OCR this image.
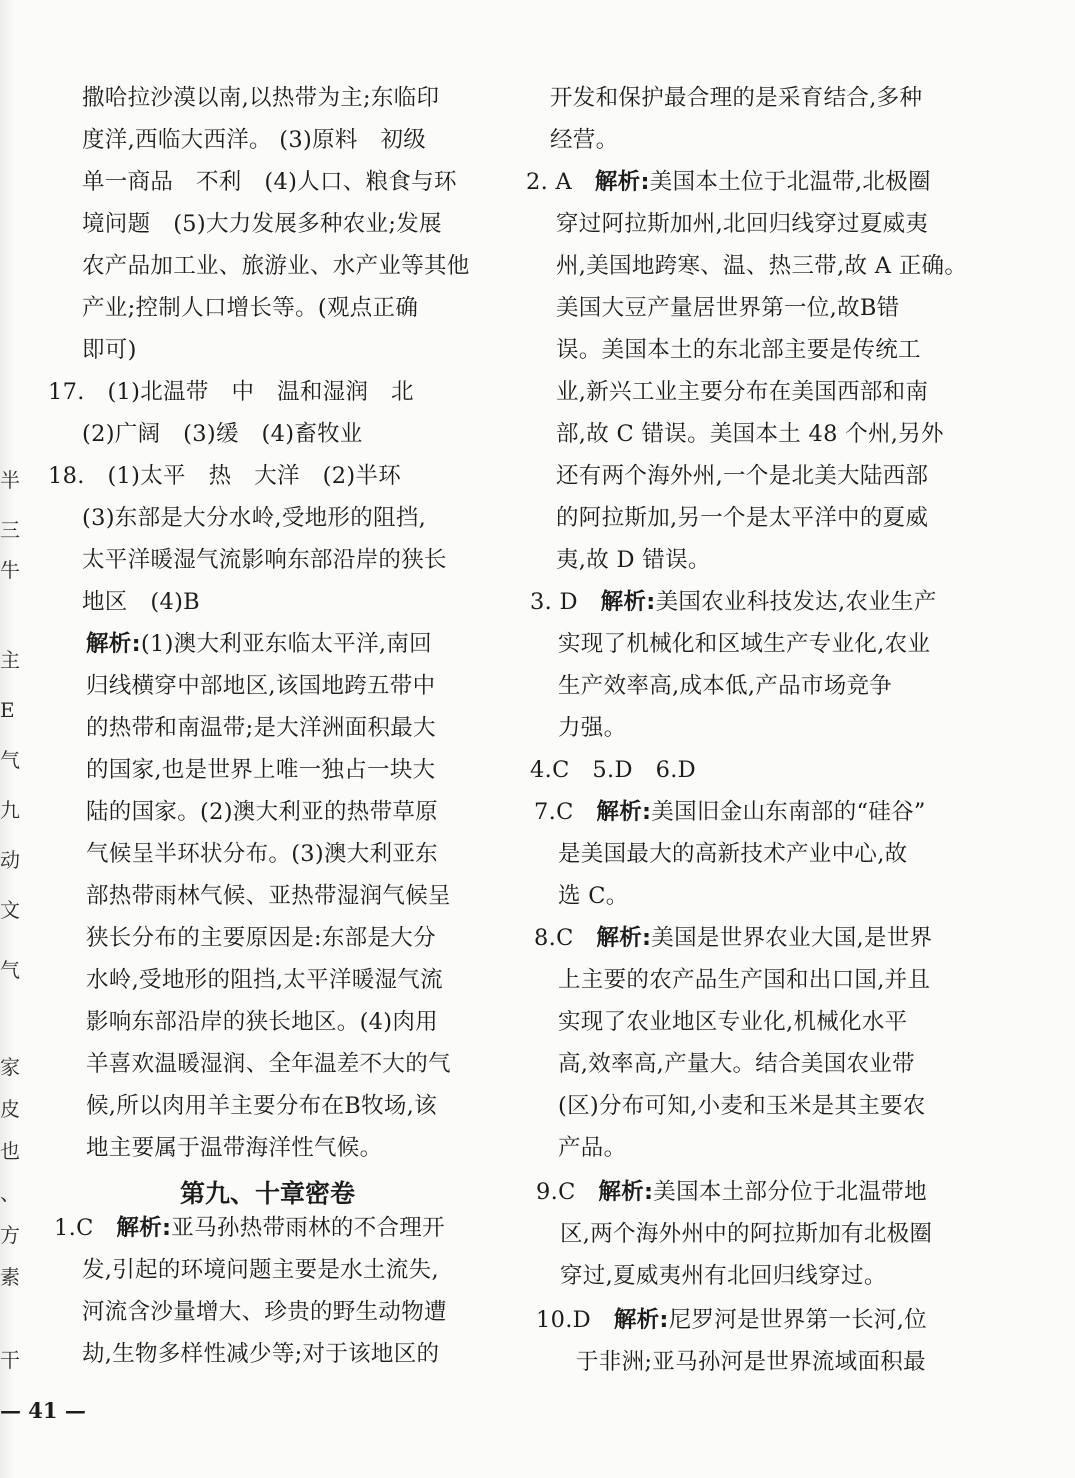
干
素
方
、
也
皮
家
气
文
动
九
气
E
主
牛
三
半
撒哈拉沙漠以南,以热带为主;东临印
度洋,西临大西洋。 (3)原料　初级
单一商品　不利　(4)人口、粮食与环
境问题　(5)大力发展多种农业;发展
农产品加工业、旅游业、水产业等其他
产业;控制人口增长等。(观点正确
即可)
17.　(1)北温带　中　温和湿润　北
(2)广阔　(3)缓　(4)畜牧业
18.　(1)太平　热　大洋　(2)半环
(3)东部是大分水岭,受地形的阻挡,
太平洋暖湿气流影响东部沿岸的狭长
地区　(4)B
解析:(1)澳大利亚东临太平洋,南回
归线横穿中部地区,该国地跨五带中
的热带和南温带;是大洋洲面积最大
的国家,也是世界上唯一独占一块大
陆的国家。(2)澳大利亚的热带草原
气候呈半环状分布。(3)澳大利亚东
部热带雨林气候、亚热带湿润气候呈
狭长分布的主要原因是:东部是大分
水岭,受地形的阻挡,太平洋暖湿气流
影响东部沿岸的狭长地区。(4)肉用
羊喜欢温暖湿润、全年温差不大的气
候,所以肉用羊主要分布在B牧场,该
地主要属于温带海洋性气候。
1.C　解析:亚马孙热带雨林的不合理开
发,引起的环境问题主要是水土流失,
河流含沙量增大、珍贵的野生动物遭
劫,生物多样性减少等;对于该地区的
第九、十章密卷
开发和保护最合理的是采育结合,多种
经营。
2. A　解析:美国本土位于北温带,北极圈
穿过阿拉斯加州,北回归线穿过夏威夷
州,美国地跨寒、温、热三带,故 A 正确。
美国大豆产量居世界第一位,故B错
误。美国本土的东北部主要是传统工
业,新兴工业主要分布在美国西部和南
部,故 C 错误。美国本土 48 个州,另外
还有两个海外州,一个是北美大陆西部
的阿拉斯加,另一个是太平洋中的夏威
夷,故 D 错误。
3. D　解析:美国农业科技发达,农业生产
实现了机械化和区域生产专业化,农业
生产效率高,成本低,产品市场竞争
力强。
4.C　5.D　6.D
7.C　解析:美国旧金山东南部的“硅谷”
是美国最大的高新技术产业中心,故
选 C。
8.C　解析:美国是世界农业大国,是世界
上主要的农产品生产国和出口国,并且
实现了农业地区专业化,机械化水平
高,效率高,产量大。结合美国农业带
(区)分布可知,小麦和玉米是其主要农
产品。
9.C　解析:美国本土部分位于北温带地
区,两个海外州中的阿拉斯加有北极圈
穿过,夏威夷州有北回归线穿过。
10.D　解析:尼罗河是世界第一长河,位
于非洲;亚马孙河是世界流域面积最
— 41 —
